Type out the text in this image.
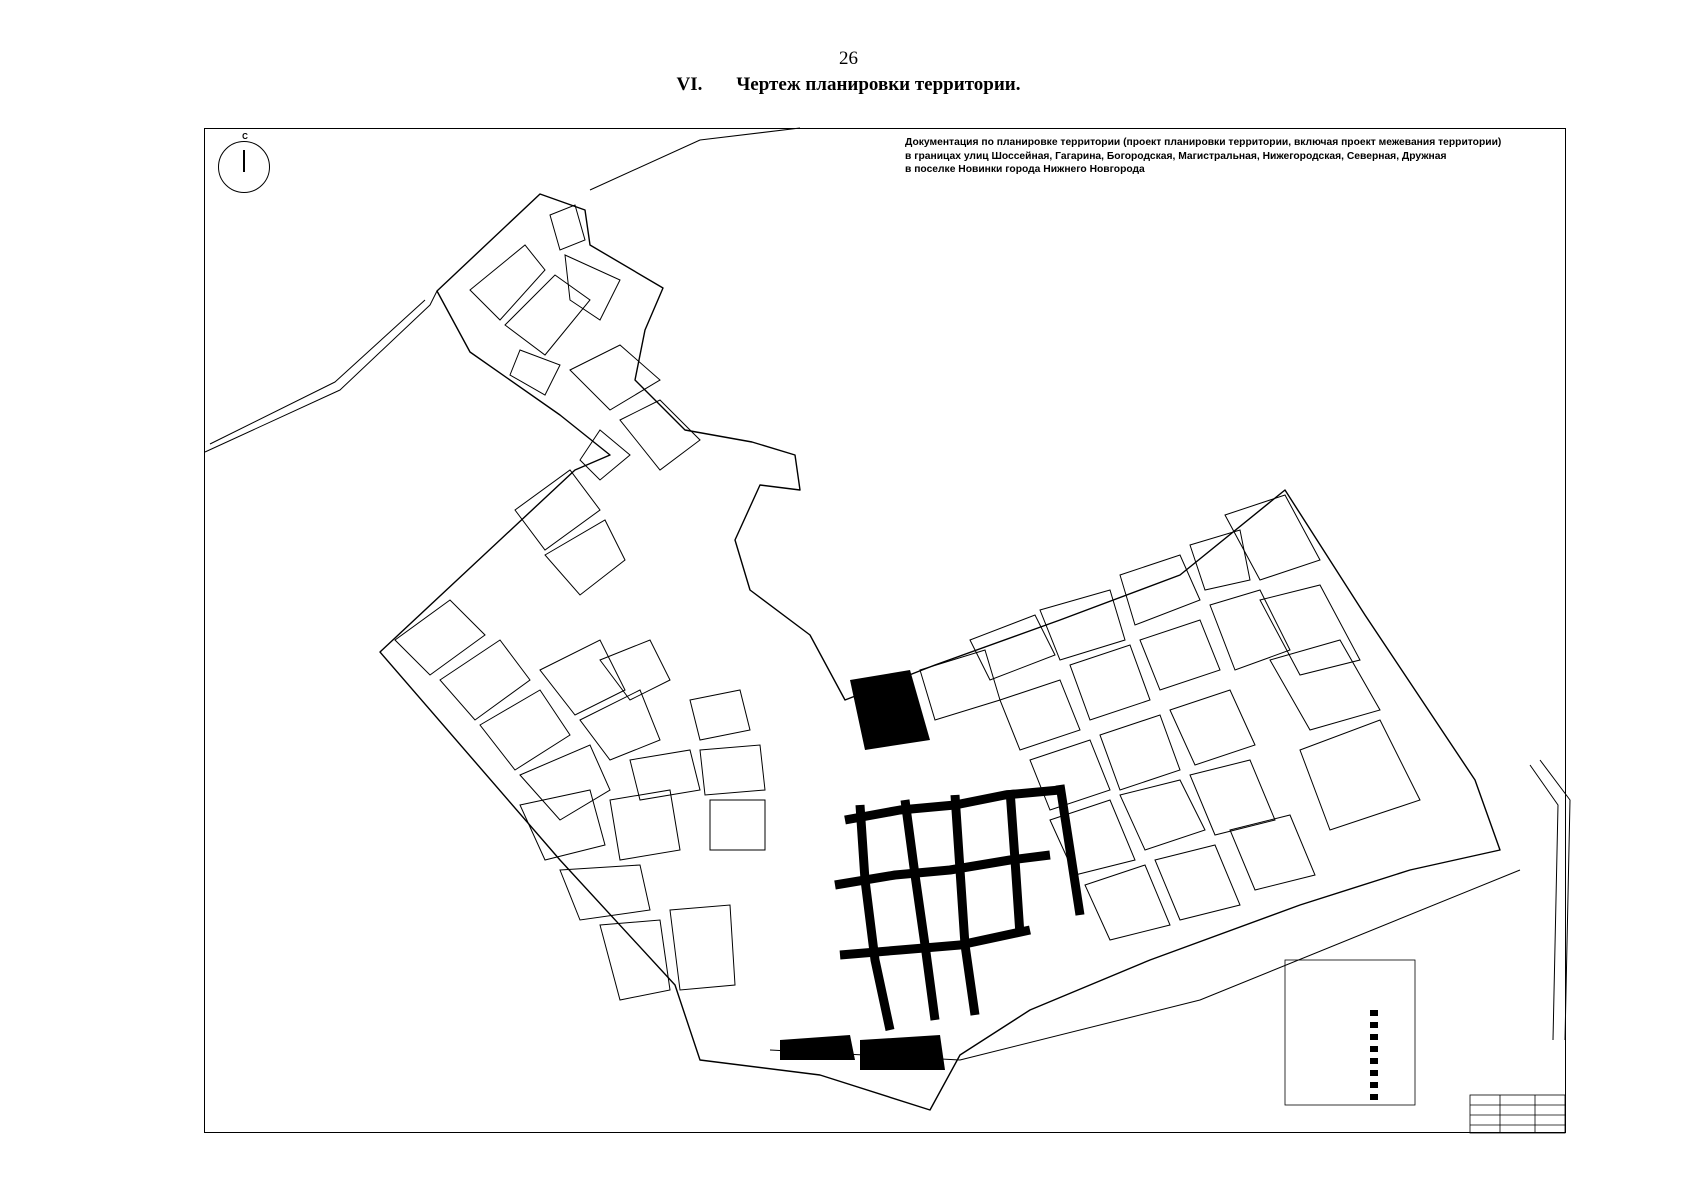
26
VI. Чертеж планировки территории.
С
Документация по планировке территории (проект планировки территории, включая проект межевания территории)
в границах улиц Шоссейная, Гагарина, Богородская, Магистральная, Нижегородская, Северная, Дружная
в поселке Новинки города Нижнего Новгорода
